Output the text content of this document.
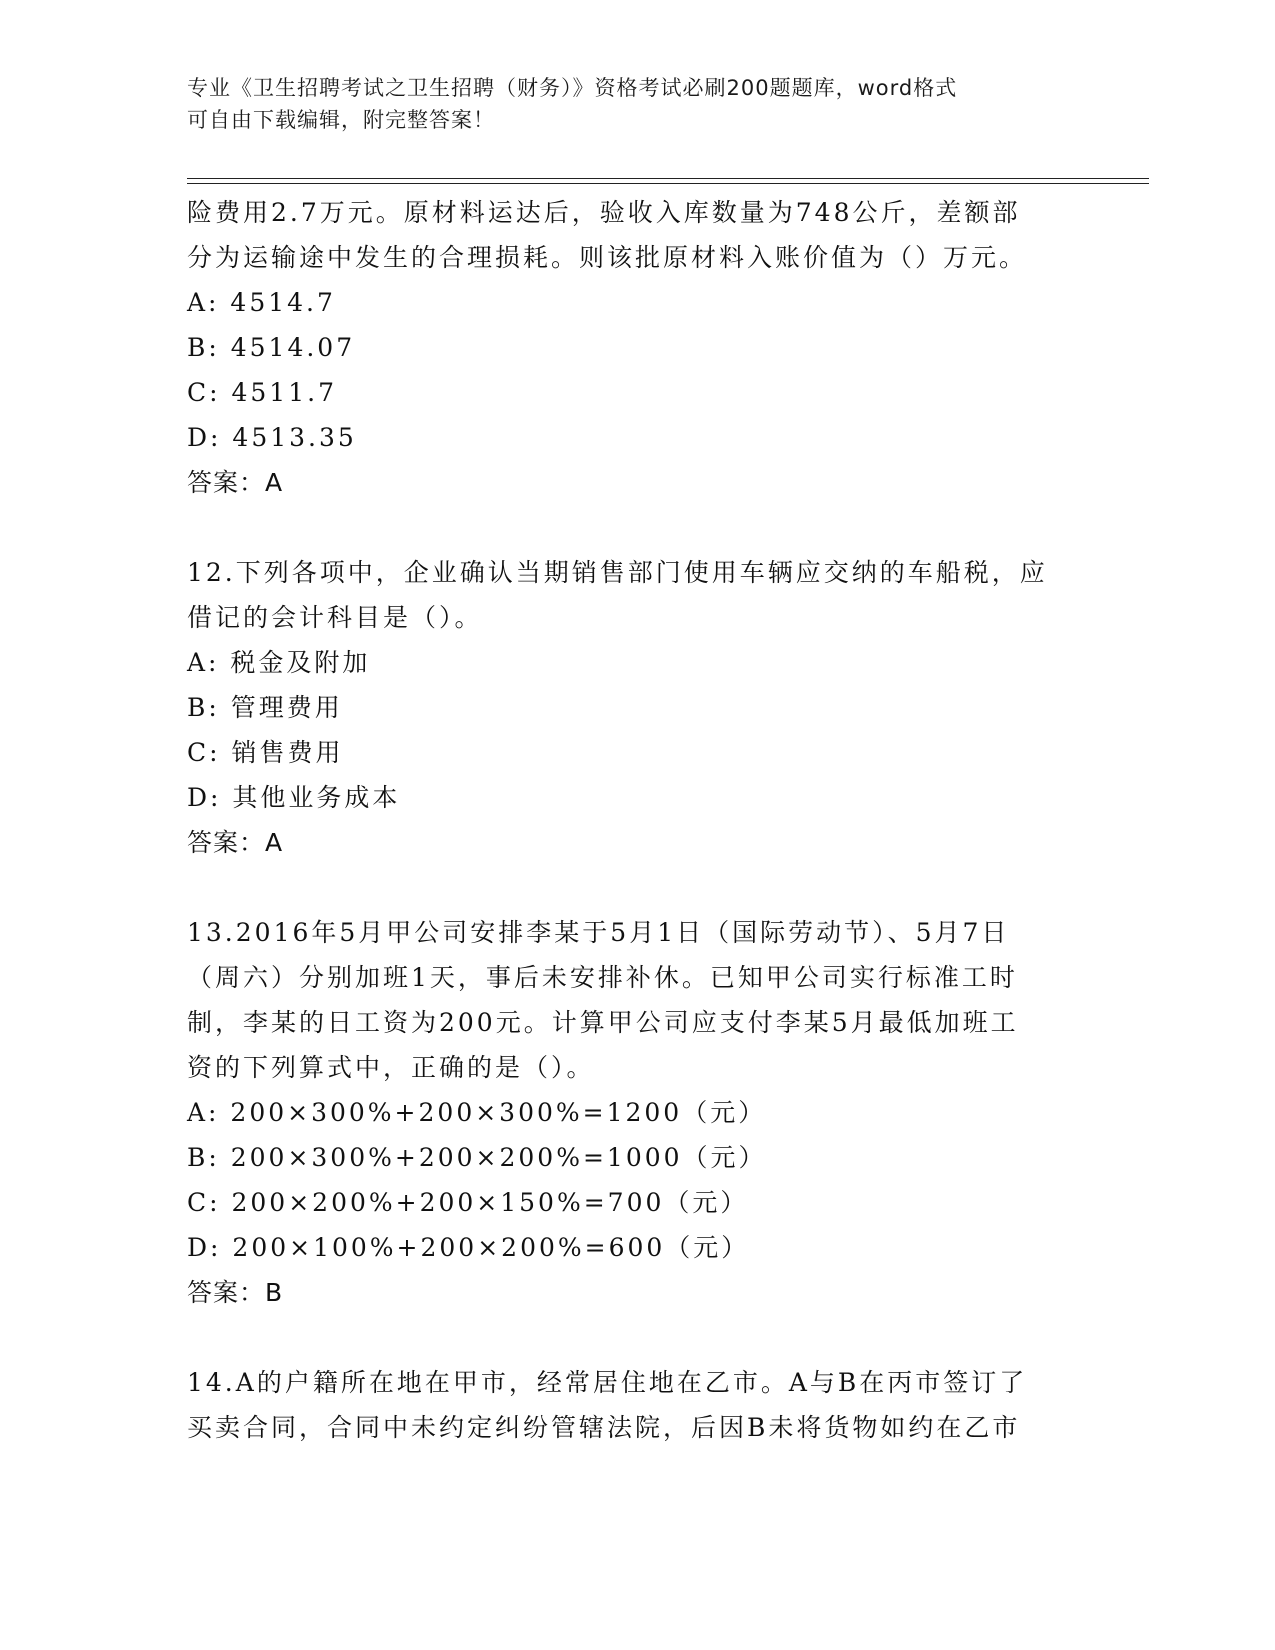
专业《卫生招聘考试之卫生招聘（财务）》资格考试必刷200题题库，word格式
可自由下载编辑，附完整答案！
险费用2.7万元。原材料运达后，验收入库数量为748公斤，差额部
分为运输途中发生的合理损耗。则该批原材料入账价值为（）万元。
A: 4514.7
B: 4514.07
C: 4511.7
D: 4513.35
答案：A
12.下列各项中，企业确认当期销售部门使用车辆应交纳的车船税，应
借记的会计科目是（）。
A: 税金及附加
B: 管理费用
C: 销售费用
D: 其他业务成本
答案：A
13.2016年5月甲公司安排李某于5月1日（国际劳动节）、5月7日
（周六）分别加班1天，事后未安排补休。已知甲公司实行标准工时
制，李某的日工资为200元。计算甲公司应支付李某5月最低加班工
资的下列算式中，正确的是（）。
A: 200×300%+200×300%=1200（元）
B: 200×300%+200×200%=1000（元）
C: 200×200%+200×150%=700（元）
D: 200×100%+200×200%=600（元）
答案：B
14.A的户籍所在地在甲市，经常居住地在乙市。A与B在丙市签订了
买卖合同，合同中未约定纠纷管辖法院，后因B未将货物如约在乙市
